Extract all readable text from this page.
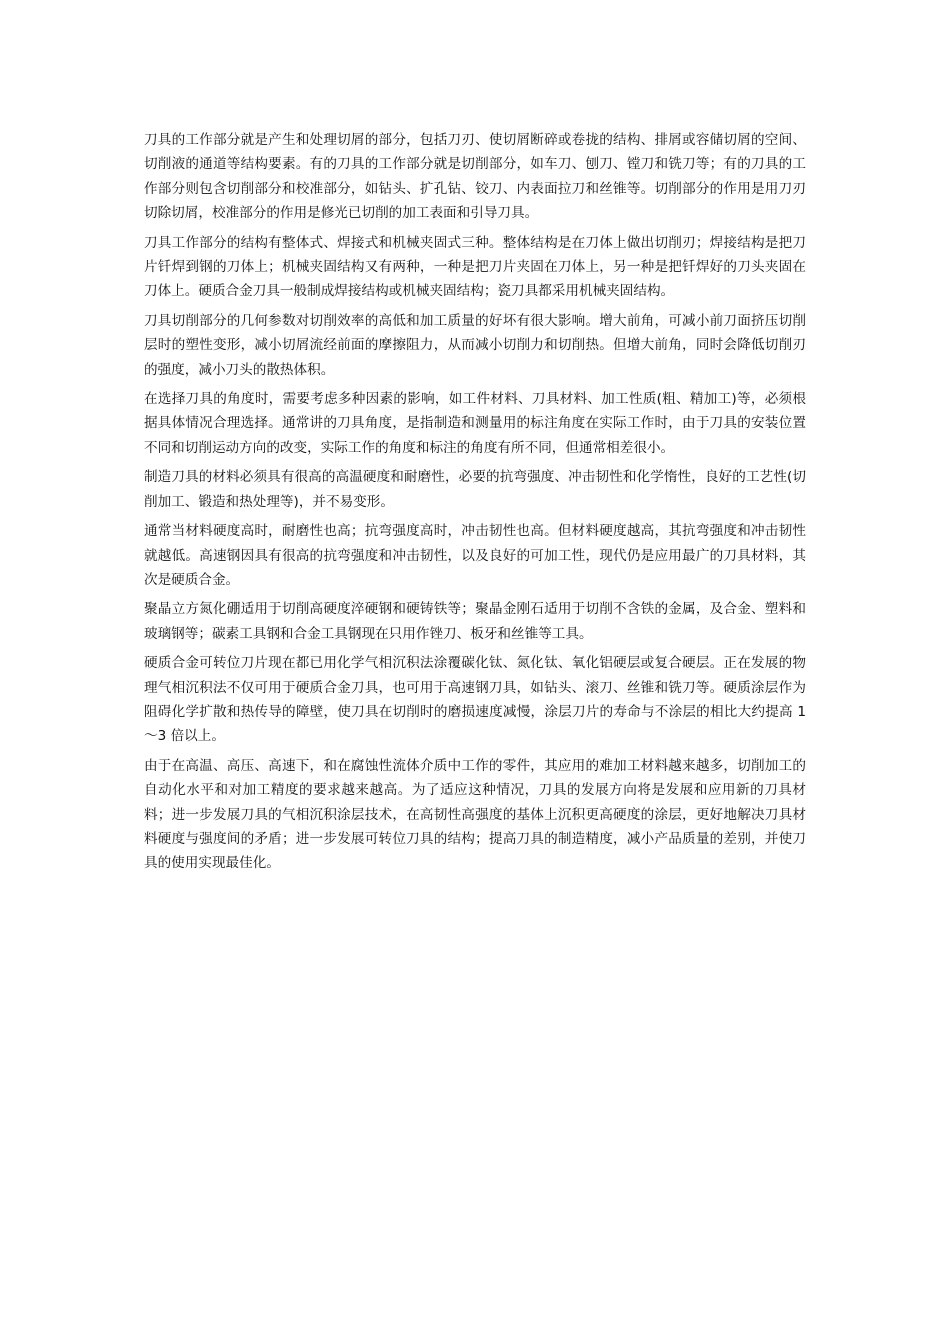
刀具的工作部分就是产生和处理切屑的部分，包括刀刃、使切屑断碎或卷拢的结构、排屑或容储切屑的空间、切削液的通道等结构要素。有的刀具的工作部分就是切削部分，如车刀、刨刀、镗刀和铣刀等；有的刀具的工作部分则包含切削部分和校准部分，如钻头、扩孔钻、铰刀、内表面拉刀和丝锥等。切削部分的作用是用刀刃切除切屑，校准部分的作用是修光已切削的加工表面和引导刀具。

刀具工作部分的结构有整体式、焊接式和机械夹固式三种。整体结构是在刀体上做出切削刃；焊接结构是把刀片钎焊到钢的刀体上；机械夹固结构又有两种，一种是把刀片夹固在刀体上，另一种是把钎焊好的刀头夹固在刀体上。硬质合金刀具一般制成焊接结构或机械夹固结构；瓷刀具都采用机械夹固结构。

刀具切削部分的几何参数对切削效率的高低和加工质量的好坏有很大影响。增大前角，可减小前刀面挤压切削层时的塑性变形，减小切屑流经前面的摩擦阻力，从而减小切削力和切削热。但增大前角，同时会降低切削刃的强度，减小刀头的散热体积。

在选择刀具的角度时，需要考虑多种因素的影响，如工件材料、刀具材料、加工性质(粗、精加工)等，必须根据具体情况合理选择。通常讲的刀具角度，是指制造和测量用的标注角度在实际工作时，由于刀具的安装位置不同和切削运动方向的改变，实际工作的角度和标注的角度有所不同，但通常相差很小。

制造刀具的材料必须具有很高的高温硬度和耐磨性，必要的抗弯强度、冲击韧性和化学惰性，良好的工艺性(切削加工、锻造和热处理等)，并不易变形。

通常当材料硬度高时，耐磨性也高；抗弯强度高时，冲击韧性也高。但材料硬度越高，其抗弯强度和冲击韧性就越低。高速钢因具有很高的抗弯强度和冲击韧性，以及良好的可加工性，现代仍是应用最广的刀具材料，其次是硬质合金。

聚晶立方氮化硼适用于切削高硬度淬硬钢和硬铸铁等；聚晶金刚石适用于切削不含铁的金属，及合金、塑料和玻璃钢等；碳素工具钢和合金工具钢现在只用作锉刀、板牙和丝锥等工具。

硬质合金可转位刀片现在都已用化学气相沉积法涂覆碳化钛、氮化钛、氧化铝硬层或复合硬层。正在发展的物理气相沉积法不仅可用于硬质合金刀具，也可用于高速钢刀具，如钻头、滚刀、丝锥和铣刀等。硬质涂层作为阻碍化学扩散和热传导的障壁，使刀具在切削时的磨损速度减慢，涂层刀片的寿命与不涂层的相比大约提高 1～3 倍以上。

由于在高温、高压、高速下，和在腐蚀性流体介质中工作的零件，其应用的难加工材料越来越多，切削加工的自动化水平和对加工精度的要求越来越高。为了适应这种情况，刀具的发展方向将是发展和应用新的刀具材料；进一步发展刀具的气相沉积涂层技术，在高韧性高强度的基体上沉积更高硬度的涂层，更好地解决刀具材料硬度与强度间的矛盾；进一步发展可转位刀具的结构；提高刀具的制造精度，减小产品质量的差别，并使刀具的使用实现最佳化。
